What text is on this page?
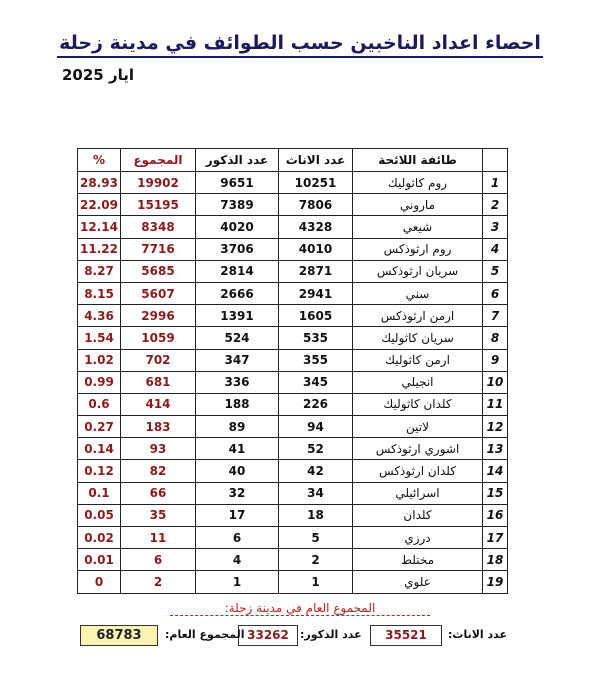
احصاء اعداد الناخبين حسب الطوائف في مدينة زحلة
ايار 2025
%	المجموع	عدد الذكور	عدد الاناث	طائفة اللائحة	
28.93	19902	9651	10251	روم كاثوليك	1
22.09	15195	7389	7806	ماروني	2
12.14	8348	4020	4328	شيعي	3
11.22	7716	3706	4010	روم ارثوذكس	4
8.27	5685	2814	2871	سريان ارثوذكس	5
8.15	5607	2666	2941	سني	6
4.36	2996	1391	1605	ارمن ارثوذكس	7
1.54	1059	524	535	سريان كاثوليك	8
1.02	702	347	355	ارمن كاثوليك	9
0.99	681	336	345	انجيلي	10
0.6	414	188	226	كلدان كاثوليك	11
0.27	183	89	94	لاتين	12
0.14	93	41	52	اشوري ارثوذكس	13
0.12	82	40	42	كلدان ارثوذكس	14
0.1	66	32	34	اسرائيلي	15
0.05	35	17	18	كلدان	16
0.02	11	6	5	درزي	17
0.01	6	4	2	مختلط	18
0	2	1	1	علوي	19
المجموع العام في مدينة زحلة:
عدد الاناث:
35521
عدد الذكور:
33262
المجموع العام:
68783
